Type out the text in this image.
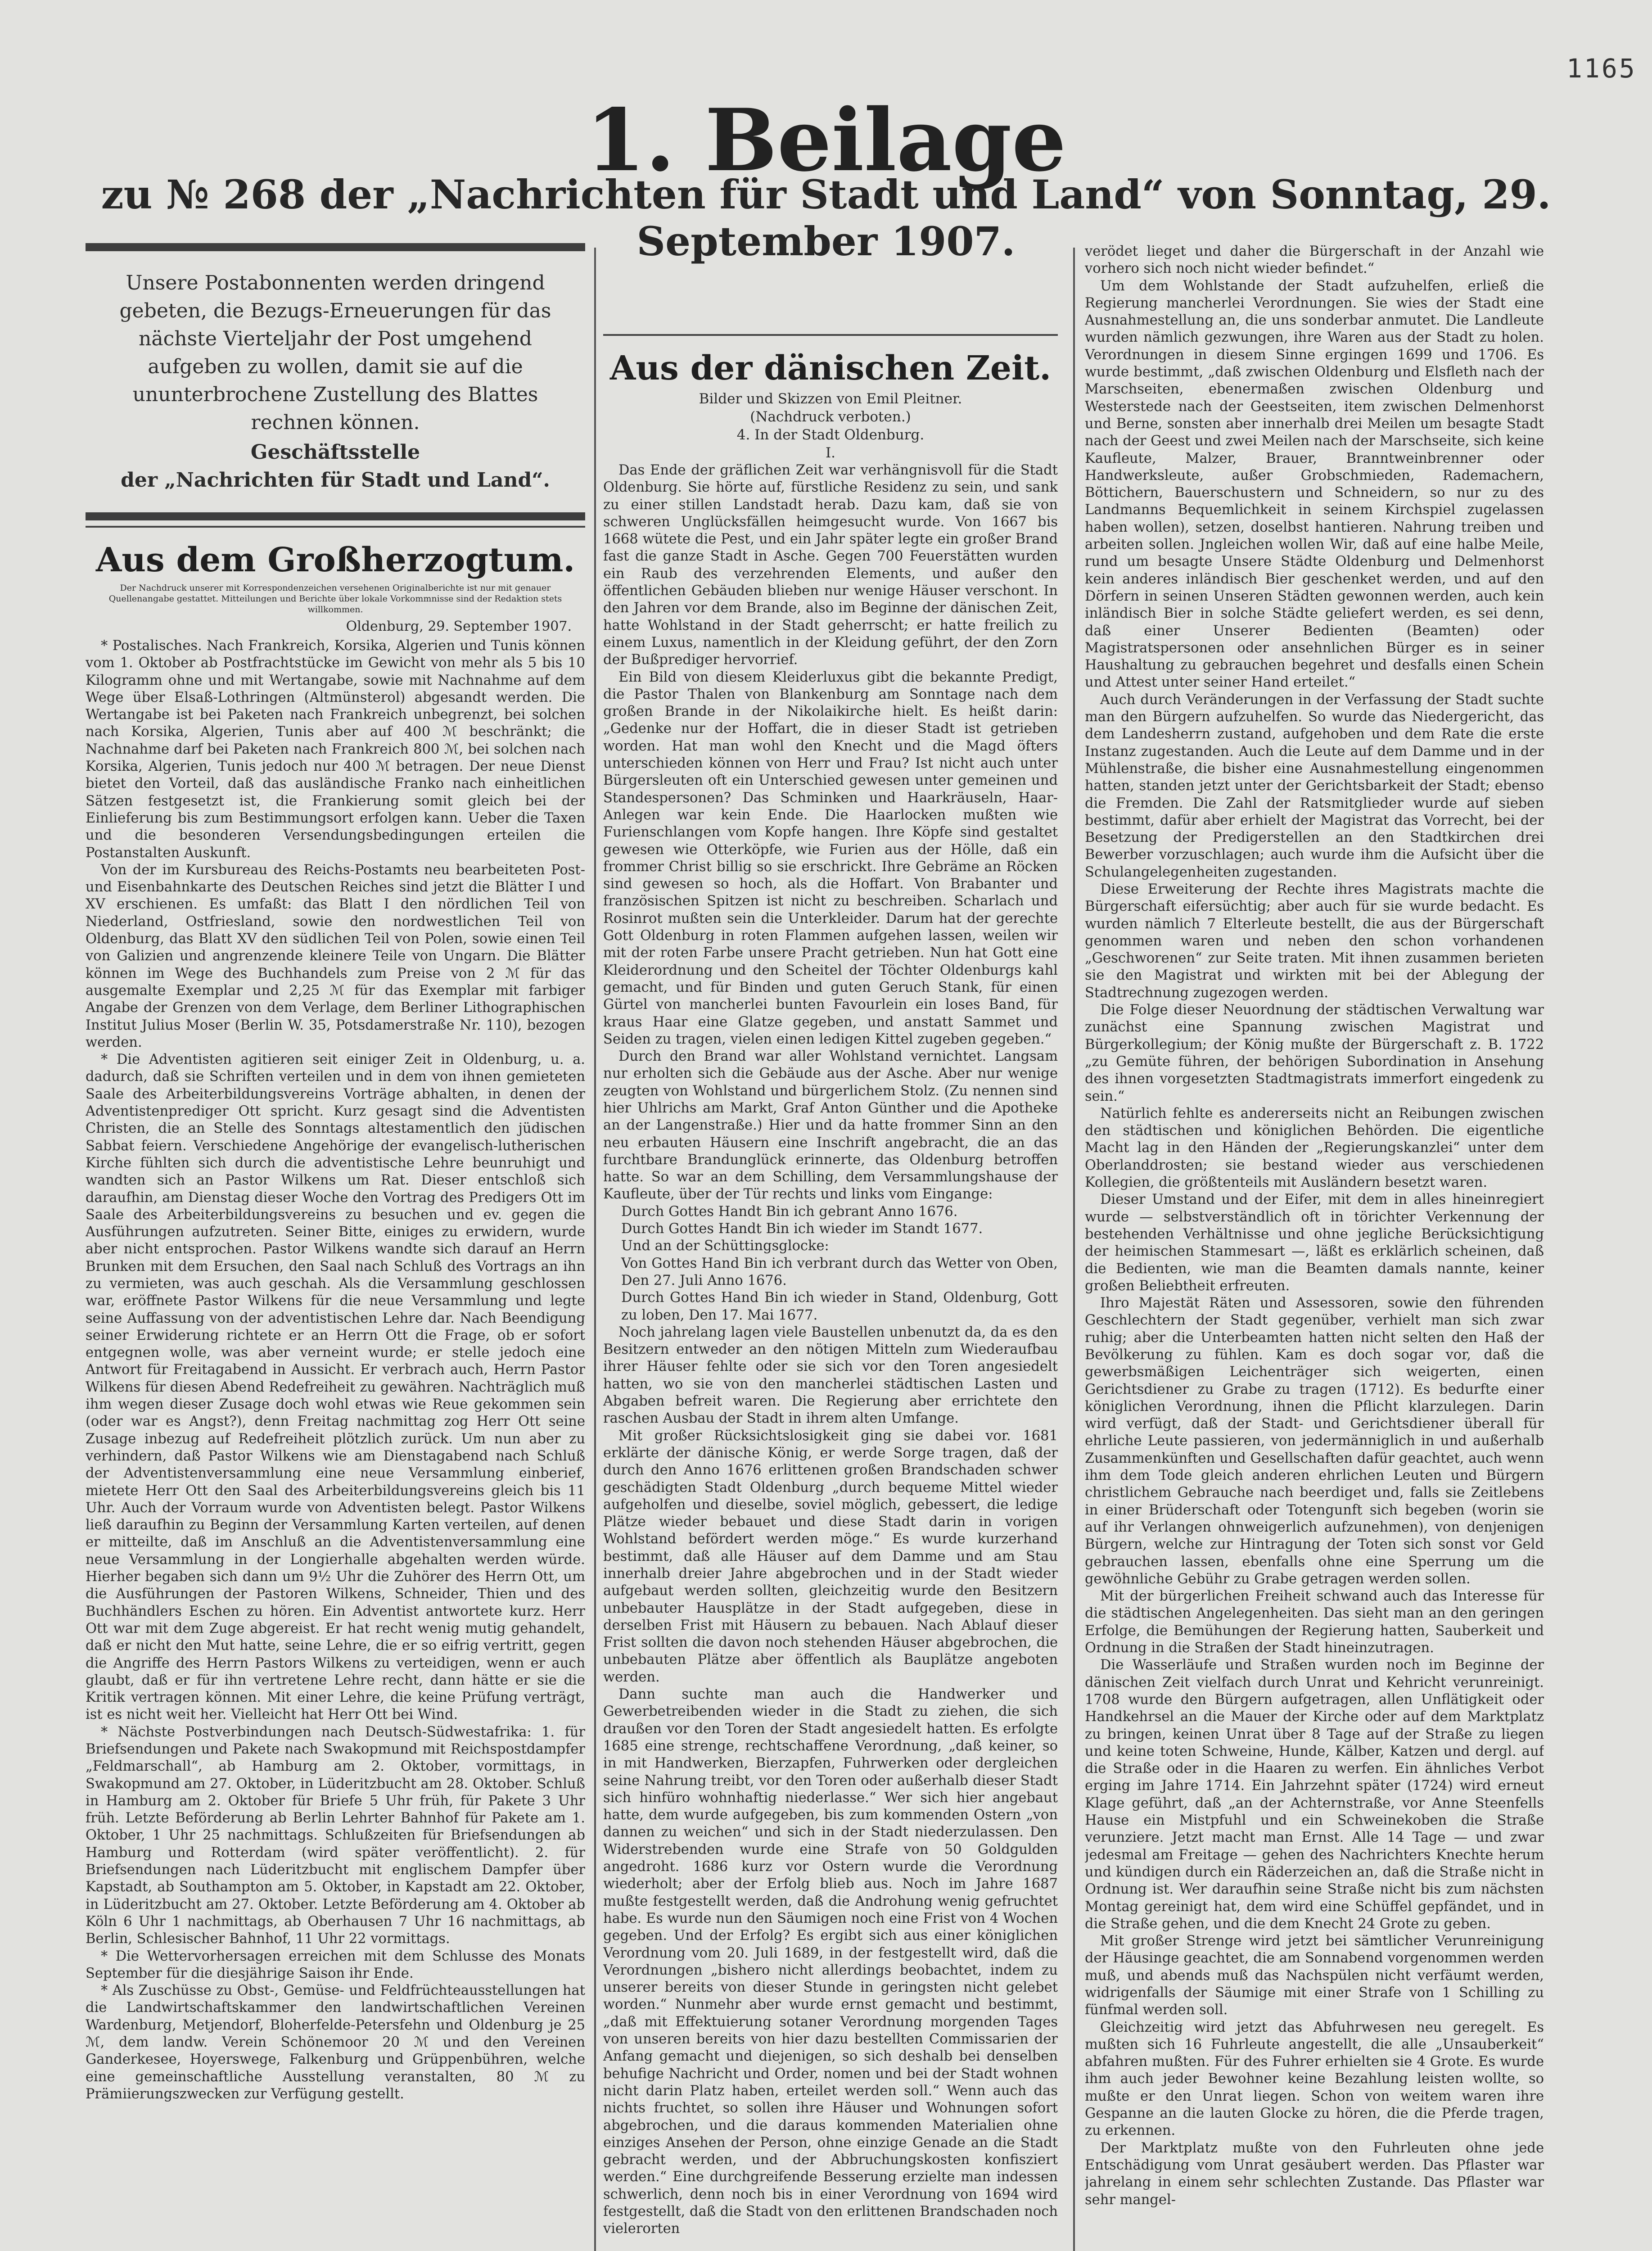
1165
1. Beilage
zu № 268 der „Nachrichten für Stadt und Land“ von Sonntag, 29. September 1907.
Unsere Postabonnenten werden dringend gebeten, die Bezugs-Erneuerungen für das nächste Vierteljahr der Post umgehend aufgeben zu wollen, damit sie auf die ununterbrochene Zustellung des Blattes rechnen können.
Geschäftsstelle
der „Nachrichten für Stadt und Land“.
Aus dem Großherzogtum.
Der Nachdruck unserer mit Korrespondenzeichen versehenen Originalberichte ist nur mit genauer Quellenangabe gestattet. Mitteilungen und Berichte über lokale Vorkommnisse sind der Redaktion stets willkommen.
Oldenburg, 29. September 1907.

* Postalisches. Nach Frankreich, Korsika, Algerien und Tunis können vom 1. Oktober ab Postfrachtstücke im Gewicht von mehr als 5 bis 10 Kilogramm ohne und mit Wertangabe, sowie mit Nachnahme auf dem Wege über Elsaß-Lothringen (Altmünsterol) abgesandt werden. Die Wertangabe ist bei Paketen nach Frankreich unbegrenzt, bei solchen nach Korsika, Algerien, Tunis aber auf 400 ℳ beschränkt; die Nachnahme darf bei Paketen nach Frankreich 800 ℳ, bei solchen nach Korsika, Algerien, Tunis jedoch nur 400 ℳ betragen. Der neue Dienst bietet den Vorteil, daß das ausländische Franko nach einheitlichen Sätzen festgesetzt ist, die Frankierung somit gleich bei der Einlieferung bis zum Bestimmungsort erfolgen kann. Ueber die Taxen und die besonderen Versendungsbedingungen erteilen die Postanstalten Auskunft.

Von der im Kursbureau des Reichs-Postamts neu bearbeiteten Post- und Eisenbahnkarte des Deutschen Reiches sind jetzt die Blätter I und XV erschienen. Es umfaßt: das Blatt I den nördlichen Teil von Niederland, Ostfriesland, sowie den nordwestlichen Teil von Oldenburg, das Blatt XV den südlichen Teil von Polen, sowie einen Teil von Galizien und angrenzende kleinere Teile von Ungarn. Die Blätter können im Wege des Buchhandels zum Preise von 2 ℳ für das ausgemalte Exemplar und 2,25 ℳ für das Exemplar mit farbiger Angabe der Grenzen von dem Verlage, dem Berliner Lithographischen Institut Julius Moser (Berlin W. 35, Potsdamerstraße Nr. 110), bezogen werden.

* Die Adventisten agitieren seit einiger Zeit in Oldenburg, u. a. dadurch, daß sie Schriften verteilen und in dem von ihnen gemieteten Saale des Arbeiterbildungsvereins Vorträge abhalten, in denen der Adventistenprediger Ott spricht. Kurz gesagt sind die Adventisten Christen, die an Stelle des Sonntags altestamentlich den jüdischen Sabbat feiern. Verschiedene Angehörige der evangelisch-lutherischen Kirche fühlten sich durch die adventistische Lehre beunruhigt und wandten sich an Pastor Wilkens um Rat. Dieser entschloß sich daraufhin, am Dienstag dieser Woche den Vortrag des Predigers Ott im Saale des Arbeiterbildungsvereins zu besuchen und ev. gegen die Ausführungen aufzutreten. Seiner Bitte, einiges zu erwidern, wurde aber nicht entsprochen. Pastor Wilkens wandte sich darauf an Herrn Brunken mit dem Ersuchen, den Saal nach Schluß des Vortrags an ihn zu vermieten, was auch geschah. Als die Versammlung geschlossen war, eröffnete Pastor Wilkens für die neue Versammlung und legte seine Auffassung von der adventistischen Lehre dar. Nach Beendigung seiner Erwiderung richtete er an Herrn Ott die Frage, ob er sofort entgegnen wolle, was aber verneint wurde; er stelle jedoch eine Antwort für Freitagabend in Aussicht. Er verbrach auch, Herrn Pastor Wilkens für diesen Abend Redefreiheit zu gewähren. Nachträglich muß ihm wegen dieser Zusage doch wohl etwas wie Reue gekommen sein (oder war es Angst?), denn Freitag nachmittag zog Herr Ott seine Zusage inbezug auf Redefreiheit plötzlich zurück. Um nun aber zu verhindern, daß Pastor Wilkens wie am Dienstagabend nach Schluß der Adventistenversammlung eine neue Versammlung einberief, mietete Herr Ott den Saal des Arbeiterbildungsvereins gleich bis 11 Uhr. Auch der Vorraum wurde von Adventisten belegt. Pastor Wilkens ließ daraufhin zu Beginn der Versammlung Karten verteilen, auf denen er mitteilte, daß im Anschluß an die Adventistenversammlung eine neue Versammlung in der Longierhalle abgehalten werden würde. Hierher begaben sich dann um 9½ Uhr die Zuhörer des Herrn Ott, um die Ausführungen der Pastoren Wilkens, Schneider, Thien und des Buchhändlers Eschen zu hören. Ein Adventist antwortete kurz. Herr Ott war mit dem Zuge abgereist. Er hat recht wenig mutig gehandelt, daß er nicht den Mut hatte, seine Lehre, die er so eifrig vertritt, gegen die Angriffe des Herrn Pastors Wilkens zu verteidigen, wenn er auch glaubt, daß er für ihn vertretene Lehre recht, dann hätte er sie die Kritik vertragen können. Mit einer Lehre, die keine Prüfung verträgt, ist es nicht weit her. Vielleicht hat Herr Ott bei Wind.

* Nächste Postverbindungen nach Deutsch-Südwestafrika: 1. für Briefsendungen und Pakete nach Swakopmund mit Reichspostdampfer „Feldmarschall“, ab Hamburg am 2. Oktober, vormittags, in Swakopmund am 27. Oktober, in Lüderitzbucht am 28. Oktober. Schluß in Hamburg am 2. Oktober für Briefe 5 Uhr früh, für Pakete 3 Uhr früh. Letzte Beförderung ab Berlin Lehrter Bahnhof für Pakete am 1. Oktober, 1 Uhr 25 nachmittags. Schlußzeiten für Briefsendungen ab Hamburg und Rotterdam (wird später veröffentlicht). 2. für Briefsendungen nach Lüderitzbucht mit englischem Dampfer über Kapstadt, ab Southampton am 5. Oktober, in Kapstadt am 22. Oktober, in Lüderitzbucht am 27. Oktober. Letzte Beförderung am 4. Oktober ab Köln 6 Uhr 1 nachmittags, ab Oberhausen 7 Uhr 16 nachmittags, ab Berlin, Schlesischer Bahnhof, 11 Uhr 22 vormittags.

* Die Wettervorhersagen erreichen mit dem Schlusse des Monats September für die diesjährige Saison ihr Ende.

* Als Zuschüsse zu Obst-, Gemüse- und Feldfrüchteausstellungen hat die Landwirtschaftskammer den landwirtschaftlichen Vereinen Wardenburg, Metjendorf, Bloherfelde-Petersfehn und Oldenburg je 25 ℳ, dem landw. Verein Schönemoor 20 ℳ und den Vereinen Ganderkesee, Hoyerswege, Falkenburg und Grüppenbühren, welche eine gemeinschaftliche Ausstellung veranstalten, 80 ℳ zu Prämiierungszwecken zur Verfügung gestellt.

Aus der dänischen Zeit.
Bilder und Skizzen von Emil Pleitner.
(Nachdruck verboten.)
4. In der Stadt Oldenburg.
I.

Das Ende der gräflichen Zeit war verhängnisvoll für die Stadt Oldenburg. Sie hörte auf, fürstliche Residenz zu sein, und sank zu einer stillen Landstadt herab. Dazu kam, daß sie von schweren Unglücksfällen heimgesucht wurde. Von 1667 bis 1668 wütete die Pest, und ein Jahr später legte ein großer Brand fast die ganze Stadt in Asche. Gegen 700 Feuerstätten wurden ein Raub des verzehrenden Elements, und außer den öffentlichen Gebäuden blieben nur wenige Häuser verschont. In den Jahren vor dem Brande, also im Beginne der dänischen Zeit, hatte Wohlstand in der Stadt geherrscht; er hatte freilich zu einem Luxus, namentlich in der Kleidung geführt, der den Zorn der Bußprediger hervorrief.

Ein Bild von diesem Kleiderluxus gibt die bekannte Predigt, die Pastor Thalen von Blankenburg am Sonntage nach dem großen Brande in der Nikolaikirche hielt. Es heißt darin: „Gedenke nur der Hoffart, die in dieser Stadt ist getrieben worden. Hat man wohl den Knecht und die Magd öfters unterschieden können von Herr und Frau? Ist nicht auch unter Bürgersleuten oft ein Unterschied gewesen unter gemeinen und Standespersonen? Das Schminken und Haarkräuseln, Haar-Anlegen war kein Ende. Die Haarlocken mußten wie Furienschlangen vom Kopfe hangen. Ihre Köpfe sind gestaltet gewesen wie Otterköpfe, wie Furien aus der Hölle, daß ein frommer Christ billig so sie erschrickt. Ihre Gebräme an Röcken sind gewesen so hoch, als die Hoffart. Von Brabanter und französischen Spitzen ist nicht zu beschreiben. Scharlach und Rosinrot mußten sein die Unterkleider. Darum hat der gerechte Gott Oldenburg in roten Flammen aufgehen lassen, weilen wir mit der roten Farbe unsere Pracht getrieben. Nun hat Gott eine Kleiderordnung und den Scheitel der Töchter Oldenburgs kahl gemacht, und für Binden und guten Geruch Stank, für einen Gürtel von mancherlei bunten Favourlein ein loses Band, für kraus Haar eine Glatze gegeben, und anstatt Sammet und Seiden zu tragen, vielen einen ledigen Kittel zugeben gegeben.“

Durch den Brand war aller Wohlstand vernichtet. Langsam nur erholten sich die Gebäude aus der Asche. Aber nur wenige zeugten von Wohlstand und bürgerlichem Stolz. (Zu nennen sind hier Uhlrichs am Markt, Graf Anton Günther und die Apotheke an der Langenstraße.) Hier und da hatte frommer Sinn an den neu erbauten Häusern eine Inschrift angebracht, die an das furchtbare Brandunglück erinnerte, das Oldenburg betroffen hatte. So war an dem Schilling, dem Versammlungshause der Kaufleute, über der Tür rechts und links vom Eingange:

Durch Gottes Handt Bin ich gebrant Anno 1676.
Durch Gottes Handt Bin ich wieder im Standt 1677.
Und an der Schüttingsglocke:
Von Gottes Hand Bin ich verbrant durch das Wetter von Oben, Den 27. Juli Anno 1676.
Durch Gottes Hand Bin ich wieder in Stand, Oldenburg, Gott zu loben, Den 17. Mai 1677.

Noch jahrelang lagen viele Baustellen unbenutzt da, da es den Besitzern entweder an den nötigen Mitteln zum Wiederaufbau ihrer Häuser fehlte oder sie sich vor den Toren angesiedelt hatten, wo sie von den mancherlei städtischen Lasten und Abgaben befreit waren. Die Regierung aber errichtete den raschen Ausbau der Stadt in ihrem alten Umfange.

Mit großer Rücksichtslosigkeit ging sie dabei vor. 1681 erklärte der dänische König, er werde Sorge tragen, daß der durch den Anno 1676 erlittenen großen Brandschaden schwer geschädigten Stadt Oldenburg „durch bequeme Mittel wieder aufgeholfen und dieselbe, soviel möglich, gebessert, die ledige Plätze wieder bebauet und diese Stadt darin in vorigen Wohlstand befördert werden möge.“ Es wurde kurzerhand bestimmt, daß alle Häuser auf dem Damme und am Stau innerhalb dreier Jahre abgebrochen und in der Stadt wieder aufgebaut werden sollten, gleichzeitig wurde den Besitzern unbebauter Hausplätze in der Stadt aufgegeben, diese in derselben Frist mit Häusern zu bebauen. Nach Ablauf dieser Frist sollten die davon noch stehenden Häuser abgebrochen, die unbebauten Plätze aber öffentlich als Bauplätze angeboten werden.

Dann suchte man auch die Handwerker und Gewerbetreibenden wieder in die Stadt zu ziehen, die sich draußen vor den Toren der Stadt angesiedelt hatten. Es erfolgte 1685 eine strenge, rechtschaffene Verordnung, „daß keiner, so in mit Handwerken, Bierzapfen, Fuhrwerken oder dergleichen seine Nahrung treibt, vor den Toren oder außerhalb dieser Stadt sich hinfüro wohnhaftig niederlasse.“ Wer sich hier angebaut hatte, dem wurde aufgegeben, bis zum kommenden Ostern „von dannen zu weichen“ und sich in der Stadt niederzulassen. Den Widerstrebenden wurde eine Strafe von 50 Goldgulden angedroht. 1686 kurz vor Ostern wurde die Verordnung wiederholt; aber der Erfolg blieb aus. Noch im Jahre 1687 mußte festgestellt werden, daß die Androhung wenig gefruchtet habe. Es wurde nun den Säumigen noch eine Frist von 4 Wochen gegeben. Und der Erfolg? Es ergibt sich aus einer königlichen Verordnung vom 20. Juli 1689, in der festgestellt wird, daß die Verordnungen „bishero nicht allerdings beobachtet, indem zu unserer bereits von dieser Stunde in geringsten nicht gelebet worden.“ Nunmehr aber wurde ernst gemacht und bestimmt, „daß mit Effektuierung sotaner Verordnung morgenden Tages von unseren bereits von hier dazu bestellten Commissarien der Anfang gemacht und diejenigen, so sich deshalb bei denselben behufige Nachricht und Order, nomen und bei der Stadt wohnen nicht darin Platz haben, erteilet werden soll.“ Wenn auch das nichts fruchtet, so sollen ihre Häuser und Wohnungen sofort abgebrochen, und die daraus kommenden Materialien ohne einziges Ansehen der Person, ohne einzige Genade an die Stadt gebracht werden, und der Abbruchungskosten konfisziert werden.“ Eine durchgreifende Besserung erzielte man indessen schwerlich, denn noch bis in einer Verordnung von 1694 wird festgestellt, daß die Stadt von den erlittenen Brandschaden noch vielerorten

verödet lieget und daher die Bürgerschaft in der Anzahl wie vorhero sich noch nicht wieder befindet.“

Um dem Wohlstande der Stadt aufzuhelfen, erließ die Regierung mancherlei Verordnungen. Sie wies der Stadt eine Ausnahmestellung an, die uns sonderbar anmutet. Die Landleute wurden nämlich gezwungen, ihre Waren aus der Stadt zu holen. Verordnungen in diesem Sinne ergingen 1699 und 1706. Es wurde bestimmt, „daß zwischen Oldenburg und Elsfleth nach der Marschseiten, ebenermaßen zwischen Oldenburg und Westerstede nach der Geestseiten, item zwischen Delmenhorst und Berne, sonsten aber innerhalb drei Meilen um besagte Stadt nach der Geest und zwei Meilen nach der Marschseite, sich keine Kaufleute, Malzer, Brauer, Branntweinbrenner oder Handwerksleute, außer Grobschmieden, Rademachern, Böttichern, Bauerschustern und Schneidern, so nur zu des Landmanns Bequemlichkeit in seinem Kirchspiel zugelassen haben wollen), setzen, doselbst hantieren. Nahrung treiben und arbeiten sollen. Jngleichen wollen Wir, daß auf eine halbe Meile, rund um besagte Unsere Städte Oldenburg und Delmenhorst kein anderes inländisch Bier geschenket werden, und auf den Dörfern in seinen Unseren Städten gewonnen werden, auch kein inländisch Bier in solche Städte geliefert werden, es sei denn, daß einer Unserer Bedienten (Beamten) oder Magistratspersonen oder ansehnlichen Bürger es in seiner Haushaltung zu gebrauchen begehret und desfalls einen Schein und Attest unter seiner Hand erteilet.“

Auch durch Veränderungen in der Verfassung der Stadt suchte man den Bürgern aufzuhelfen. So wurde das Niedergericht, das dem Landesherrn zustand, aufgehoben und dem Rate die erste Instanz zugestanden. Auch die Leute auf dem Damme und in der Mühlenstraße, die bisher eine Ausnahmestellung eingenommen hatten, standen jetzt unter der Gerichtsbarkeit der Stadt; ebenso die Fremden. Die Zahl der Ratsmitglieder wurde auf sieben bestimmt, dafür aber erhielt der Magistrat das Vorrecht, bei der Besetzung der Predigerstellen an den Stadtkirchen drei Bewerber vorzuschlagen; auch wurde ihm die Aufsicht über die Schulangelegenheiten zugestanden.

Diese Erweiterung der Rechte ihres Magistrats machte die Bürgerschaft eifersüchtig; aber auch für sie wurde bedacht. Es wurden nämlich 7 Elterleute bestellt, die aus der Bürgerschaft genommen waren und neben den schon vorhandenen „Geschworenen“ zur Seite traten. Mit ihnen zusammen berieten sie den Magistrat und wirkten mit bei der Ablegung der Stadtrechnung zugezogen werden.

Die Folge dieser Neuordnung der städtischen Verwaltung war zunächst eine Spannung zwischen Magistrat und Bürgerkollegium; der König mußte der Bürgerschaft z. B. 1722 „zu Gemüte führen, der behörigen Subordination in Ansehung des ihnen vorgesetzten Stadtmagistrats immerfort eingedenk zu sein.“

Natürlich fehlte es andererseits nicht an Reibungen zwischen den städtischen und königlichen Behörden. Die eigentliche Macht lag in den Händen der „Regierungskanzlei“ unter dem Oberlanddrosten; sie bestand wieder aus verschiedenen Kollegien, die größtenteils mit Ausländern besetzt waren.

Dieser Umstand und der Eifer, mit dem in alles hineinregiert wurde — selbstverständlich oft in törichter Verkennung der bestehenden Verhältnisse und ohne jegliche Berücksichtigung der heimischen Stammesart —, läßt es erklärlich scheinen, daß die Bedienten, wie man die Beamten damals nannte, keiner großen Beliebtheit erfreuten.

Ihro Majestät Räten und Assessoren, sowie den führenden Geschlechtern der Stadt gegenüber, verhielt man sich zwar ruhig; aber die Unterbeamten hatten nicht selten den Haß der Bevölkerung zu fühlen. Kam es doch sogar vor, daß die gewerbsmäßigen Leichenträger sich weigerten, einen Gerichtsdiener zu Grabe zu tragen (1712). Es bedurfte einer königlichen Verordnung, ihnen die Pflicht klarzulegen. Darin wird verfügt, daß der Stadt- und Gerichtsdiener überall für ehrliche Leute passieren, von jedermänniglich in und außerhalb Zusammenkünften und Gesellschaften dafür geachtet, auch wenn ihm dem Tode gleich anderen ehrlichen Leuten und Bürgern christlichem Gebrauche nach beerdiget und, falls sie Zeitlebens in einer Brüderschaft oder Totengunft sich begeben (worin sie auf ihr Verlangen ohnweigerlich aufzunehmen), von denjenigen Bürgern, welche zur Hintragung der Toten sich sonst vor Geld gebrauchen lassen, ebenfalls ohne eine Sperrung um die gewöhnliche Gebühr zu Grabe getragen werden sollen.

Mit der bürgerlichen Freiheit schwand auch das Interesse für die städtischen Angelegenheiten. Das sieht man an den geringen Erfolge, die Bemühungen der Regierung hatten, Sauberkeit und Ordnung in die Straßen der Stadt hineinzutragen.

Die Wasserläufe und Straßen wurden noch im Beginne der dänischen Zeit vielfach durch Unrat und Kehricht verunreinigt. 1708 wurde den Bürgern aufgetragen, allen Unflätigkeit oder Handkehrsel an die Mauer der Kirche oder auf dem Marktplatz zu bringen, keinen Unrat über 8 Tage auf der Straße zu liegen und keine toten Schweine, Hunde, Kälber, Katzen und dergl. auf die Straße oder in die Haaren zu werfen. Ein ähnliches Verbot erging im Jahre 1714. Ein Jahrzehnt später (1724) wird erneut Klage geführt, daß „an der Achternstraße, vor Anne Steenfells Hause ein Mistpfuhl und ein Schweinekoben die Straße verunziere. Jetzt macht man Ernst. Alle 14 Tage — und zwar jedesmal am Freitage — gehen des Nachrichters Knechte herum und kündigen durch ein Räderzeichen an, daß die Straße nicht in Ordnung ist. Wer daraufhin seine Straße nicht bis zum nächsten Montag gereinigt hat, dem wird eine Schüffel gepfändet, und in die Straße gehen, und die dem Knecht 24 Grote zu geben.

Mit großer Strenge wird jetzt bei sämtlicher Verunreinigung der Häusinge geachtet, die am Sonnabend vorgenommen werden muß, und abends muß das Nachspülen nicht verfäumt werden, widrigenfalls der Säumige mit einer Strafe von 1 Schilling zu fünfmal werden soll.

Gleichzeitig wird jetzt das Abfuhrwesen neu geregelt. Es mußten sich 16 Fuhrleute angestellt, die alle „Unsauberkeit“ abfahren mußten. Für des Fuhrer erhielten sie 4 Grote. Es wurde ihm auch jeder Bewohner keine Bezahlung leisten wollte, so mußte er den Unrat liegen. Schon von weitem waren ihre Gespanne an die lauten Glocke zu hören, die die Pferde tragen, zu erkennen.

Der Marktplatz mußte von den Fuhrleuten ohne jede Entschädigung vom Unrat gesäubert werden. Das Pflaster war jahrelang in einem sehr schlechten Zustande. Das Pflaster war sehr mangel-
